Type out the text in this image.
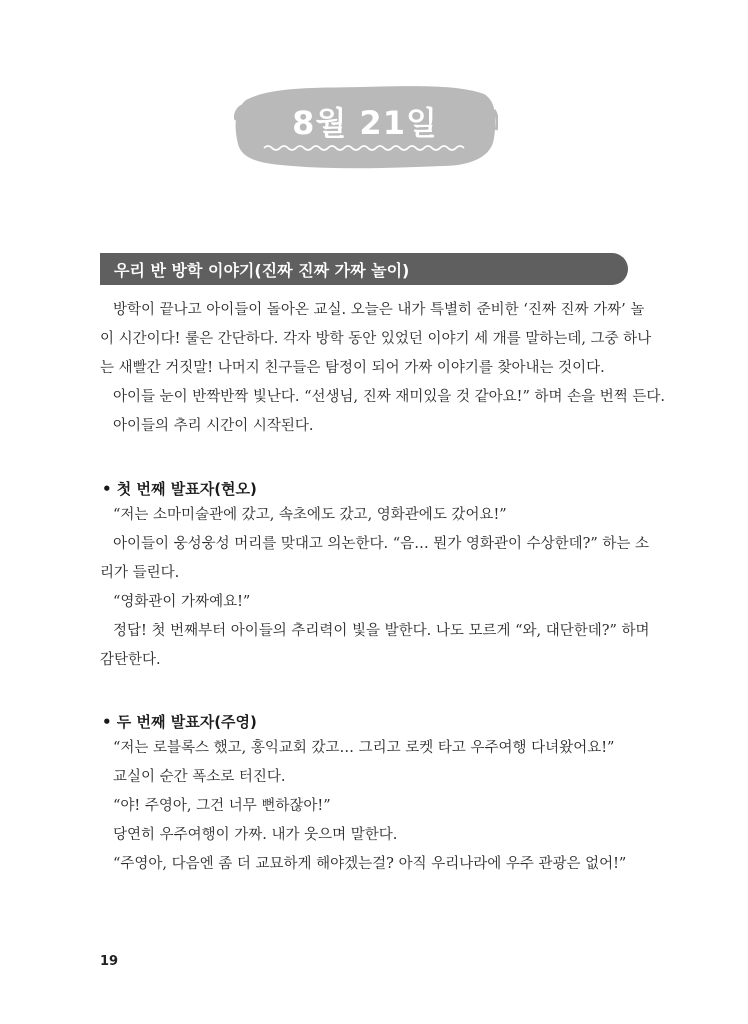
8월 21일
우리 반 방학 이야기(진짜 진짜 가짜 놀이)

방학이 끝나고 아이들이 돌아온 교실. 오늘은 내가 특별히 준비한 ‘진짜 진짜 가짜’ 놀

이 시간이다! 룰은 간단하다. 각자 방학 동안 있었던 이야기 세 개를 말하는데, 그중 하나

는 새빨간 거짓말! 나머지 친구들은 탐정이 되어 가짜 이야기를 찾아내는 것이다.

아이들 눈이 반짝반짝 빛난다. “선생님, 진짜 재미있을 것 같아요!” 하며 손을 번쩍 든다.

아이들의 추리 시간이 시작된다.

• 첫 번째 발표자(현오)

“저는 소마미술관에 갔고, 속초에도 갔고, 영화관에도 갔어요!”

아이들이 웅성웅성 머리를 맞대고 의논한다. “음… 뭔가 영화관이 수상한데?” 하는 소

리가 들린다.

“영화관이 가짜예요!”

정답! 첫 번째부터 아이들의 추리력이 빛을 발한다. 나도 모르게 “와, 대단한데?” 하며

감탄한다.

• 두 번째 발표자(주영)

“저는 로블록스 했고, 홍익교회 갔고… 그리고 로켓 타고 우주여행 다녀왔어요!”

교실이 순간 폭소로 터진다.

“야! 주영아, 그건 너무 뻔하잖아!”

당연히 우주여행이 가짜. 내가 웃으며 말한다.

“주영아, 다음엔 좀 더 교묘하게 해야겠는걸? 아직 우리나라에 우주 관광은 없어!”

19
